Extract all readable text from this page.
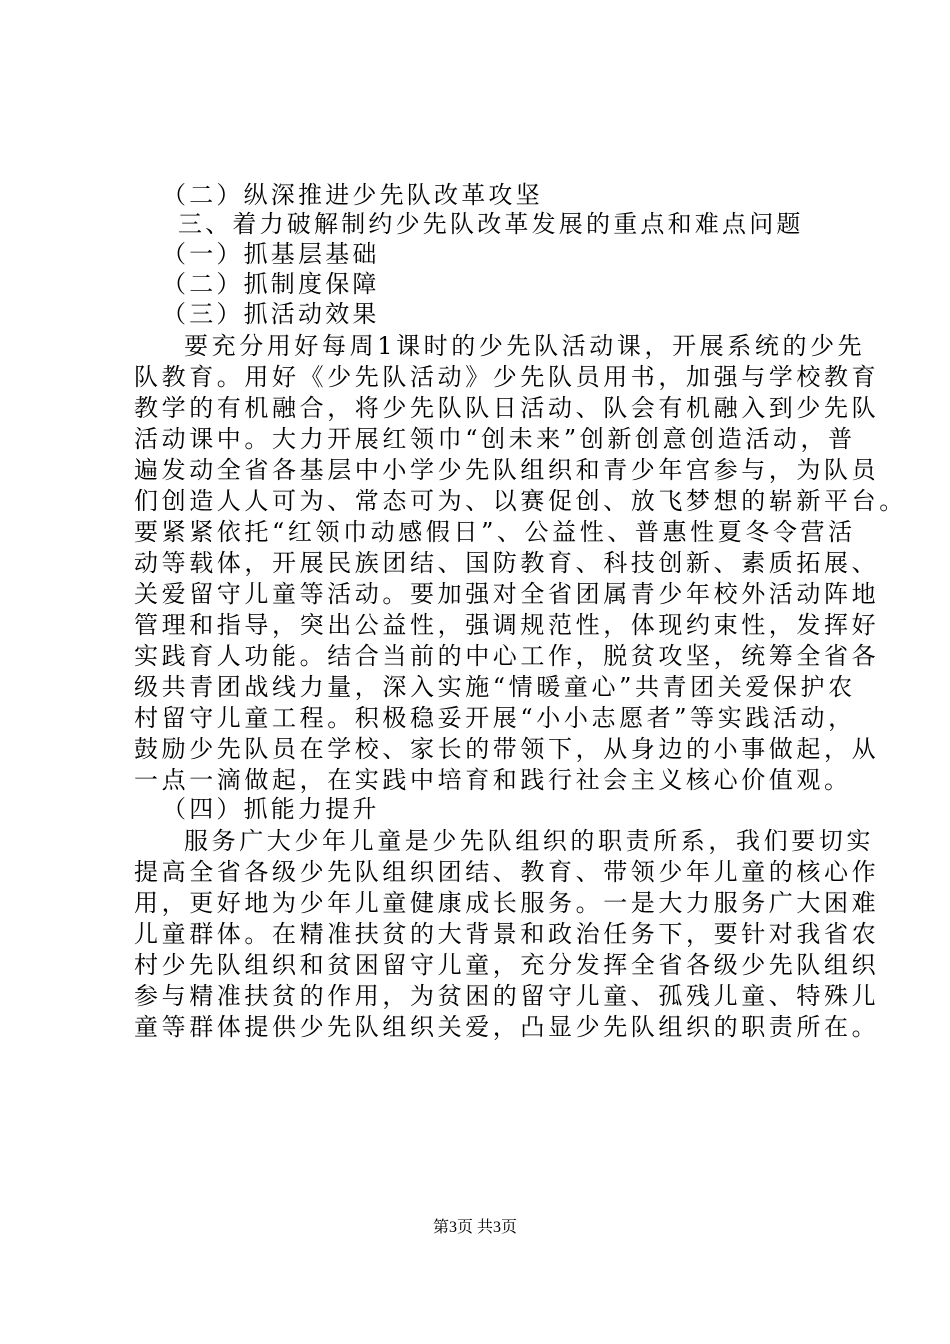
（二）纵深推进少先队改革攻坚

三、着力破解制约少先队改革发展的重点和难点问题

（一）抓基层基础

（二）抓制度保障

（三）抓活动效果

要充分用好每周1课时的少先队活动课，开展系统的少先

队教育。用好《少先队活动》少先队员用书，加强与学校教育

教学的有机融合，将少先队队日活动、队会有机融入到少先队

活动课中。大力开展红领巾“创未来”创新创意创造活动，普

遍发动全省各基层中小学少先队组织和青少年宫参与，为队员

们创造人人可为、常态可为、以赛促创、放飞梦想的崭新平台。

要紧紧依托“红领巾动感假日”、公益性、普惠性夏冬令营活

动等载体，开展民族团结、国防教育、科技创新、素质拓展、

关爱留守儿童等活动。要加强对全省团属青少年校外活动阵地

管理和指导，突出公益性，强调规范性，体现约束性，发挥好

实践育人功能。结合当前的中心工作，脱贫攻坚，统筹全省各

级共青团战线力量，深入实施“情暖童心”共青团关爱保护农

村留守儿童工程。积极稳妥开展“小小志愿者”等实践活动，

鼓励少先队员在学校、家长的带领下，从身边的小事做起，从

一点一滴做起，在实践中培育和践行社会主义核心价值观。

（四）抓能力提升

服务广大少年儿童是少先队组织的职责所系，我们要切实

提高全省各级少先队组织团结、教育、带领少年儿童的核心作

用，更好地为少年儿童健康成长服务。一是大力服务广大困难

儿童群体。在精准扶贫的大背景和政治任务下，要针对我省农

村少先队组织和贫困留守儿童，充分发挥全省各级少先队组织

参与精准扶贫的作用，为贫困的留守儿童、孤残儿童、特殊儿

童等群体提供少先队组织关爱，凸显少先队组织的职责所在。

第3页 共3页
